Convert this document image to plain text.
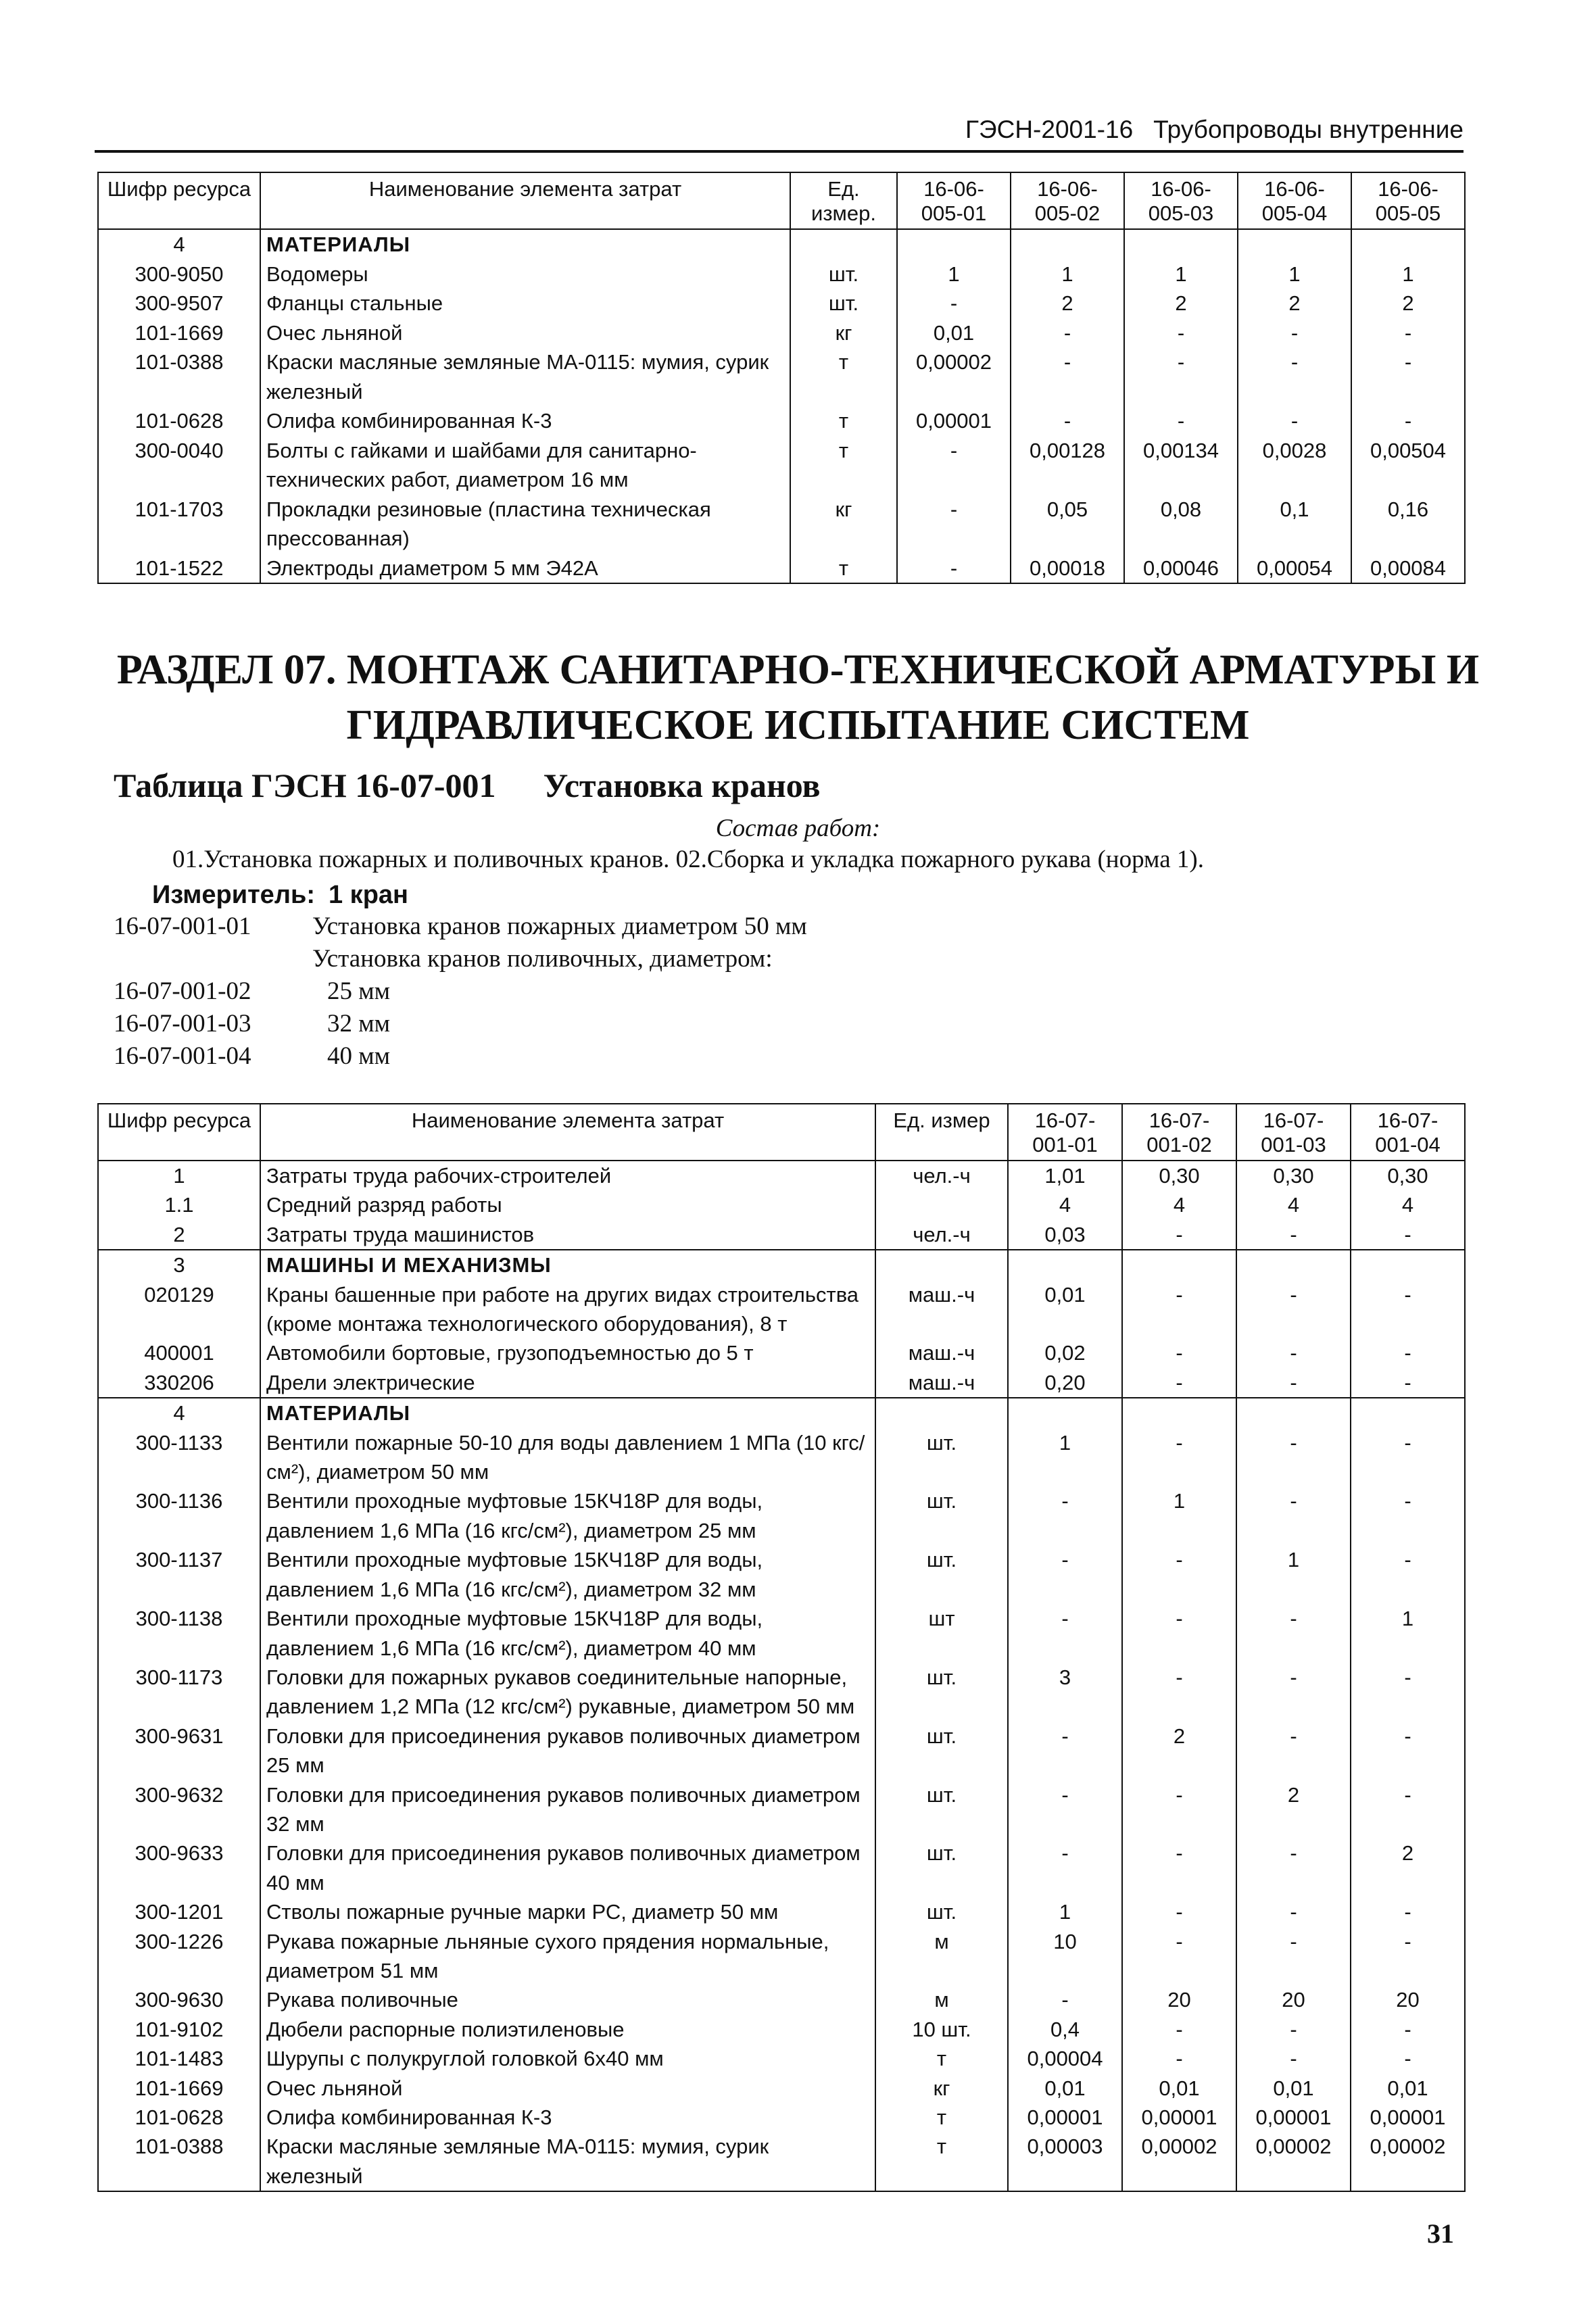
ГЭСН-2001-16 Трубопроводы внутренние
Шифр ресурса	Наименование элемента затрат	Ед. измер.	16-06-005-01	16-06-005-02	16-06-005-03	16-06-005-04	16-06-005-05
4	МАТЕРИАЛЫ						
300-9050	Водомеры	шт.	1	1	1	1	1
300-9507	Фланцы стальные	шт.	-	2	2	2	2
101-1669	Очес льняной	кг	0,01	-	-	-	-
101-0388	Краски масляные земляные МА-0115: мумия, сурик железный	т	0,00002	-	-	-	-
101-0628	Олифа комбинированная К-3	т	0,00001	-	-	-	-
300-0040	Болты с гайками и шайбами для санитарно-технических работ, диаметром 16 мм	т	-	0,00128	0,00134	0,0028	0,00504
101-1703	Прокладки резиновые (пластина техническая прессованная)	кг	-	0,05	0,08	0,1	0,16
101-1522	Электроды диаметром 5 мм Э42А	т	-	0,00018	0,00046	0,00054	0,00084
РАЗДЕЛ 07. МОНТАЖ САНИТАРНО-ТЕХНИЧЕСКОЙ АРМАТУРЫ И
ГИДРАВЛИЧЕСКОЕ ИСПЫТАНИЕ СИСТЕМ
Таблица ГЭСН 16-07-001 Установка кранов
Состав работ:
01.Установка пожарных и поливочных кранов. 02.Сборка и укладка пожарного рукава (норма 1).
Измеритель: 1 кран
16-07-001-01 Установка кранов пожарных диаметром 50 мм
Установка кранов поливочных, диаметром:
16-07-001-02	25 мм
16-07-001-03	32 мм
16-07-001-04	40 мм
Шифр ресурса	Наименование элемента затрат	Ед. измер	16-07-001-01	16-07-001-02	16-07-001-03	16-07-001-04
1	Затраты труда рабочих-строителей	чел.-ч	1,01	0,30	0,30	0,30
1.1	Средний разряд работы		4	4	4	4
2	Затраты труда машинистов	чел.-ч	0,03	-	-	-
3	МАШИНЫ И МЕХАНИЗМЫ					
020129	Краны башенные при работе на других видах строительства (кроме монтажа технологического оборудования), 8 т	маш.-ч	0,01	-	-	-
400001	Автомобили бортовые, грузоподъемностью до 5 т	маш.-ч	0,02	-	-	-
330206	Дрели электрические	маш.-ч	0,20	-	-	-
4	МАТЕРИАЛЫ					
300-1133	Вентили пожарные 50-10 для воды давлением 1 МПа (10 кгс/см²), диаметром 50 мм	шт.	1	-	-	-
300-1136	Вентили проходные муфтовые 15КЧ18Р для воды, давлением 1,6 МПа (16 кгс/см²), диаметром 25 мм	шт.	-	1	-	-
300-1137	Вентили проходные муфтовые 15КЧ18Р для воды, давлением 1,6 МПа (16 кгс/см²), диаметром 32 мм	шт.	-	-	1	-
300-1138	Вентили проходные муфтовые 15КЧ18Р для воды, давлением 1,6 МПа (16 кгс/см²), диаметром 40 мм	шт	-	-	-	1
300-1173	Головки для пожарных рукавов соединительные напорные, давлением 1,2 МПа (12 кгс/см²) рукавные, диаметром 50 мм	шт.	3	-	-	-
300-9631	Головки для присоединения рукавов поливочных диаметром 25 мм	шт.	-	2	-	-
300-9632	Головки для присоединения рукавов поливочных диаметром 32 мм	шт.	-	-	2	-
300-9633	Головки для присоединения рукавов поливочных диаметром 40 мм	шт.	-	-	-	2
300-1201	Стволы пожарные ручные марки РС, диаметр 50 мм	шт.	1	-	-	-
300-1226	Рукава пожарные льняные сухого прядения нормальные, диаметром 51 мм	м	10	-	-	-
300-9630	Рукава поливочные	м	-	20	20	20
101-9102	Дюбели распорные полиэтиленовые	10 шт.	0,4	-	-	-
101-1483	Шурупы с полукруглой головкой 6x40 мм	т	0,00004	-	-	-
101-1669	Очес льняной	кг	0,01	0,01	0,01	0,01
101-0628	Олифа комбинированная К-3	т	0,00001	0,00001	0,00001	0,00001
101-0388	Краски масляные земляные МА-0115: мумия, сурик железный	т	0,00003	0,00002	0,00002	0,00002
31
